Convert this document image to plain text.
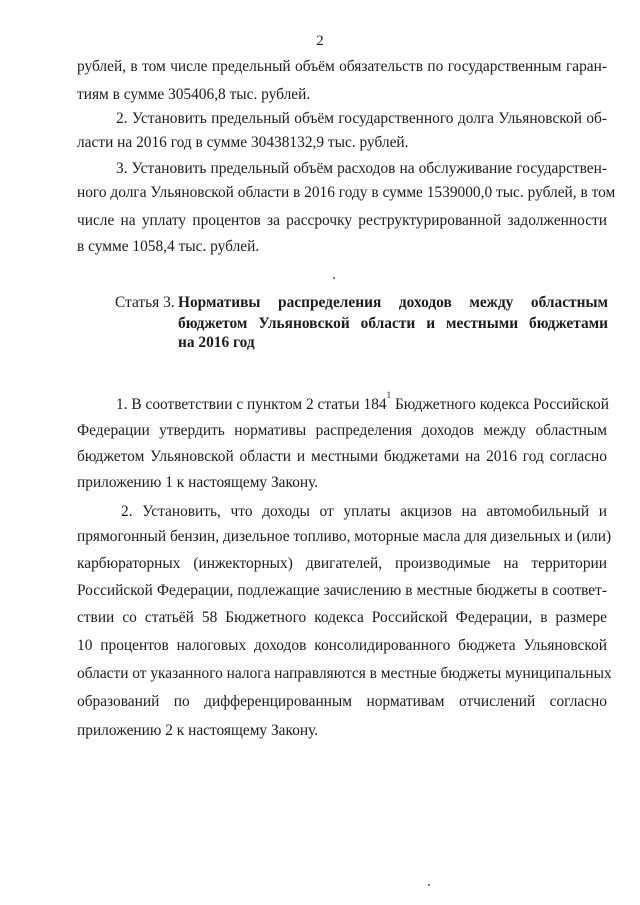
2
рублей, в том числе предельный объём обязательств по государственным гаран-
тиям в сумме 305406,8 тыс. рублей.
2. Установить предельный объём государственного долга Ульяновской об-
ласти на 2016 год в сумме 30438132,9 тыс. рублей.
3. Установить предельный объём расходов на обслуживание государствен-
ного долга Ульяновской области в 2016 году в сумме 1539000,0 тыс. рублей, в том
числе на уплату процентов за рассрочку реструктурированной задолженности
в сумме 1058,4 тыс. рублей.
Статья 3. Нормативы распределения доходов между областным
бюджетом Ульяновской области и местными бюджетами
на 2016 год
1. В соответствии с пунктом 2 статьи $184^1$ Бюджетного кодекса Российской
Федерации утвердить нормативы распределения доходов между областным
бюджетом Ульяновской области и местными бюджетами на 2016 год согласно
приложению 1 к настоящему Закону.
2. Установить, что доходы от уплаты акцизов на автомобильный и
прямогонный бензин, дизельное топливо, моторные масла для дизельных и (или)
карбюраторных (инжекторных) двигателей, производимые на территории
Российской Федерации, подлежащие зачислению в местные бюджеты в соответ-
ствии со статьёй 58 Бюджетного кодекса Российской Федерации, в размере
10 процентов налоговых доходов консолидированного бюджета Ульяновской
области от указанного налога направляются в местные бюджеты муниципальных
образований по дифференцированным нормативам отчислений согласно
приложению 2 к настоящему Закону.
